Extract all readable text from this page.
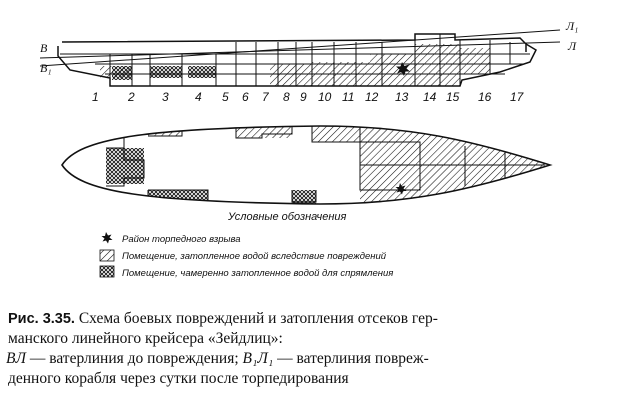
В
В₁
Л₁
Л
1 2 3 4 5 6 7 8 9 10 11 12 13 14 15 16 17
Условные обозначения
Район торпедного взрыва
Помещение, затопленное водой вследствие повреждений
Помещение, чамеренно затопленное водой для спрямления
Рис. 3.35. Схема боевых повреждений и затопления отсеков гер-
манского линейного крейсера «Зейдлиц»:
ВЛ — ватерлиния до повреждения; В₁Л₁ — ватерлиния повреж-
денного корабля через сутки после торпедирования
